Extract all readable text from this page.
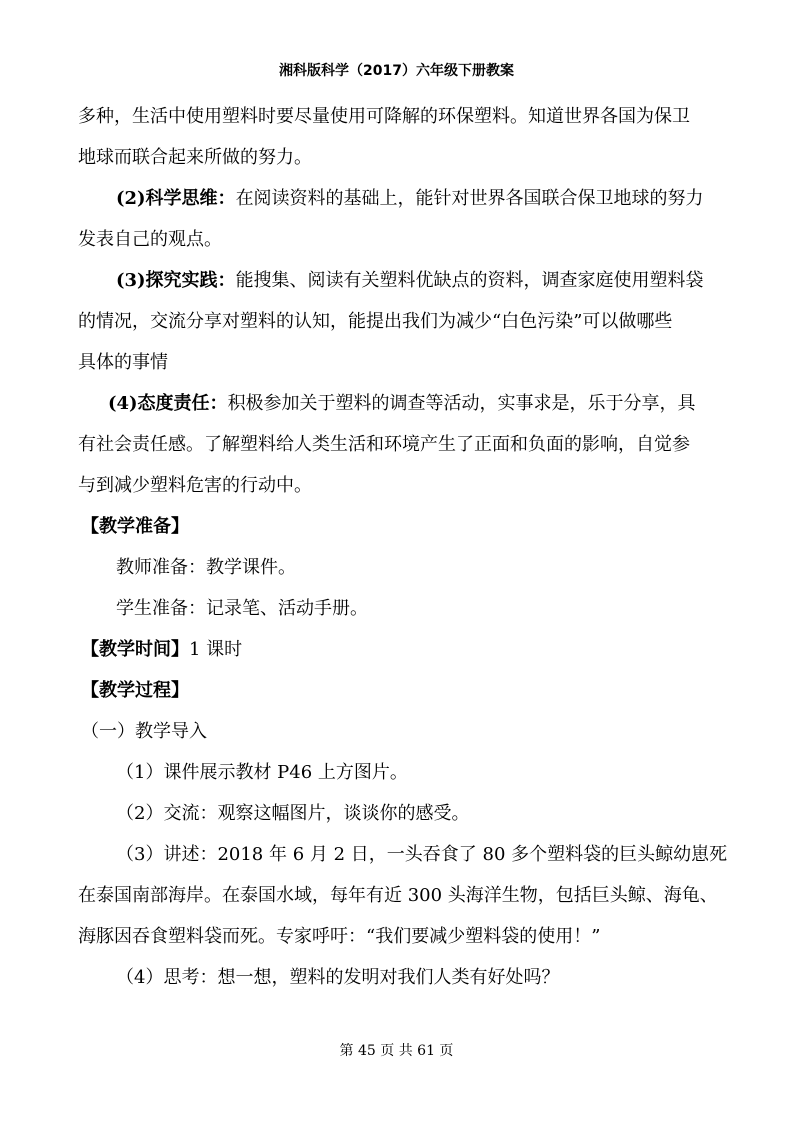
湘科版科学（2017）六年级下册教案

多种，生活中使用塑料时要尽量使用可降解的环保塑料。知道世界各国为保卫

地球而联合起来所做的努力。

(2)科学思维：在阅读资料的基础上，能针对世界各国联合保卫地球的努力

发表自己的观点。

(3)探究实践：能搜集、阅读有关塑料优缺点的资料，调查家庭使用塑料袋

的情况，交流分享对塑料的认知，能提出我们为减少“白色污染”可以做哪些

具体的事情

(4)态度责任：积极参加关于塑料的调查等活动，实事求是，乐于分享，具

有社会责任感。了解塑料给人类生活和环境产生了正面和负面的影响，自觉参

与到减少塑料危害的行动中。

【教学准备】

教师准备：教学课件。

学生准备：记录笔、活动手册。

【教学时间】1 课时

【教学过程】

（一）教学导入

（1）课件展示教材 P46 上方图片。

（2）交流：观察这幅图片，谈谈你的感受。

（3）讲述：2018 年 6 月 2 日，一头吞食了 80 多个塑料袋的巨头鲸幼崽死

在泰国南部海岸。在泰国水域，每年有近 300 头海洋生物，包括巨头鲸、海龟、

海豚因吞食塑料袋而死。专家呼吁：“我们要减少塑料袋的使用！”

（4）思考：想一想，塑料的发明对我们人类有好处吗？

第 45 页 共 61 页
